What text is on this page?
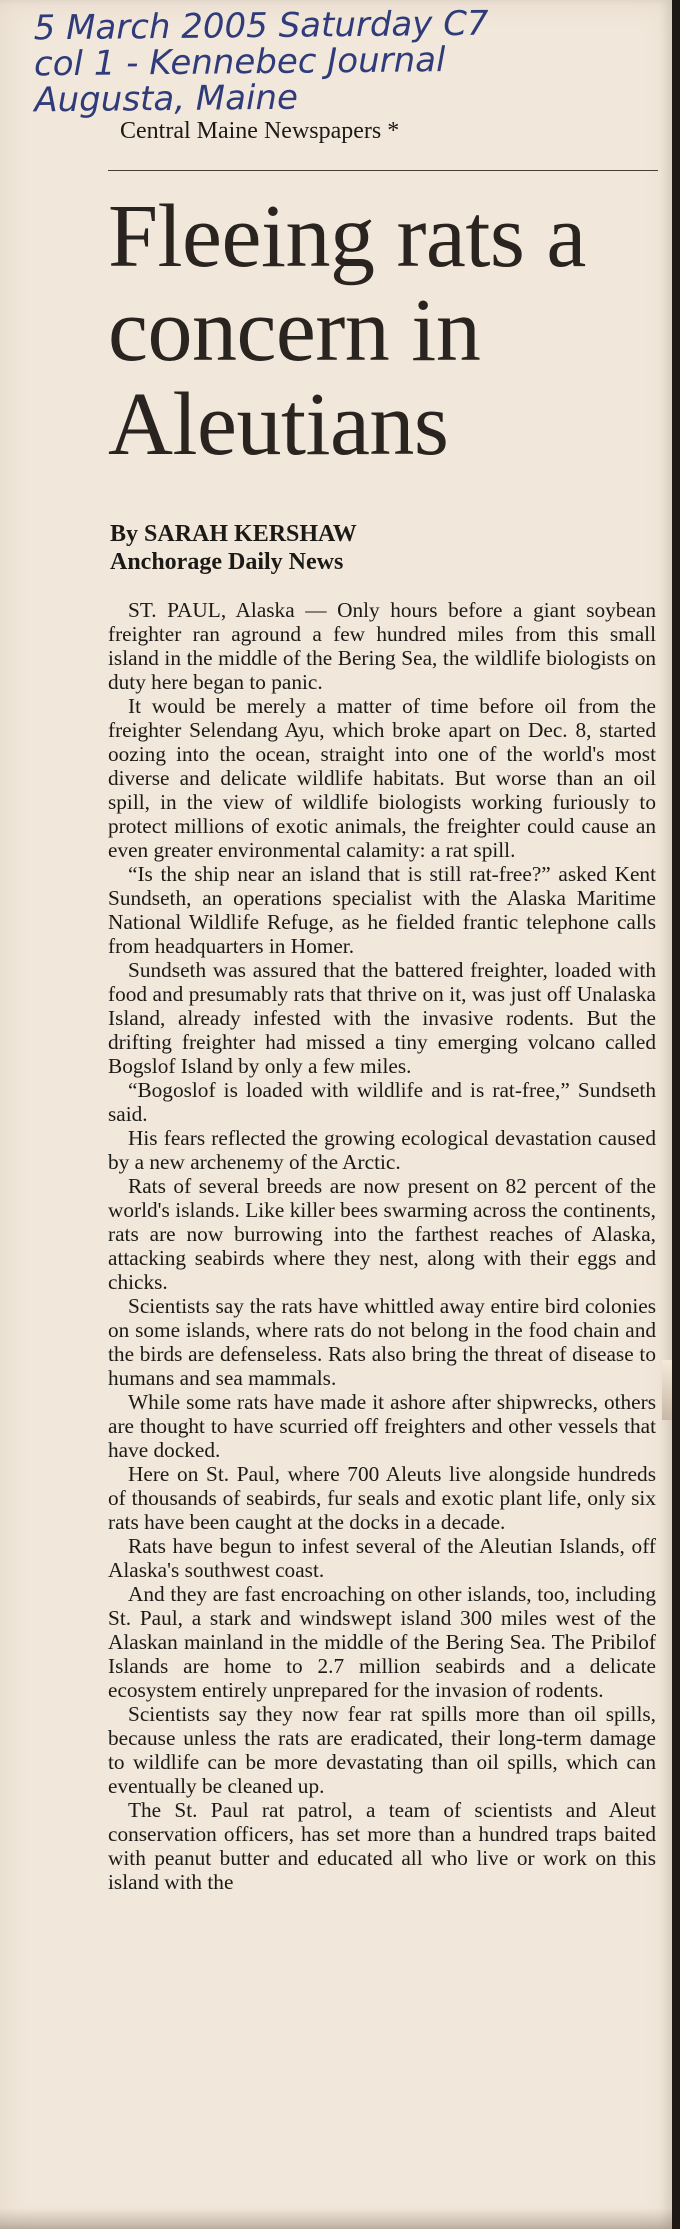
5 March 2005 Saturday C7
col 1 - Kennebec Journal
Augusta, Maine
Central Maine Newspapers *
Fleeing rats a concern in Aleutians
By SARAH KERSHAW
Anchorage Daily News

ST. PAUL, Alaska — Only hours before a giant soybean freighter ran aground a few hundred miles from this small island in the middle of the Bering Sea, the wildlife biologists on duty here began to panic.

It would be merely a matter of time before oil from the freighter Selendang Ayu, which broke apart on Dec. 8, started oozing into the ocean, straight into one of the world's most diverse and delicate wildlife habitats. But worse than an oil spill, in the view of wildlife biologists working furiously to protect millions of exotic animals, the freighter could cause an even greater environmental calamity: a rat spill.

“Is the ship near an island that is still rat-free?” asked Kent Sundseth, an operations specialist with the Alaska Maritime National Wildlife Refuge, as he fielded frantic telephone calls from headquarters in Homer.

Sundseth was assured that the battered freighter, loaded with food and presumably rats that thrive on it, was just off Unalaska Island, already infested with the invasive rodents. But the drifting freighter had missed a tiny emerging volcano called Bogslof Island by only a few miles.

“Bogoslof is loaded with wildlife and is rat-free,” Sundseth said.

His fears reflected the growing ecological devastation caused by a new archenemy of the Arctic.

Rats of several breeds are now present on 82 percent of the world's islands. Like killer bees swarming across the continents, rats are now burrowing into the farthest reaches of Alaska, attacking seabirds where they nest, along with their eggs and chicks.

Scientists say the rats have whittled away entire bird colonies on some islands, where rats do not belong in the food chain and the birds are defenseless. Rats also bring the threat of disease to humans and sea mammals.

While some rats have made it ashore after shipwrecks, others are thought to have scurried off freighters and other vessels that have docked.

Here on St. Paul, where 700 Aleuts live alongside hundreds of thousands of seabirds, fur seals and exotic plant life, only six rats have been caught at the docks in a decade.

Rats have begun to infest several of the Aleutian Islands, off Alaska's southwest coast.

And they are fast encroaching on other islands, too, including St. Paul, a stark and windswept island 300 miles west of the Alaskan mainland in the middle of the Bering Sea. The Pribilof Islands are home to 2.7 million seabirds and a delicate ecosystem entirely unprepared for the invasion of rodents.

Scientists say they now fear rat spills more than oil spills, because unless the rats are eradicated, their long-term damage to wildlife can be more devastating than oil spills, which can eventually be cleaned up.

The St. Paul rat patrol, a team of scientists and Aleut conservation officers, has set more than a hundred traps baited with peanut butter and educated all who live or work on this island with the
